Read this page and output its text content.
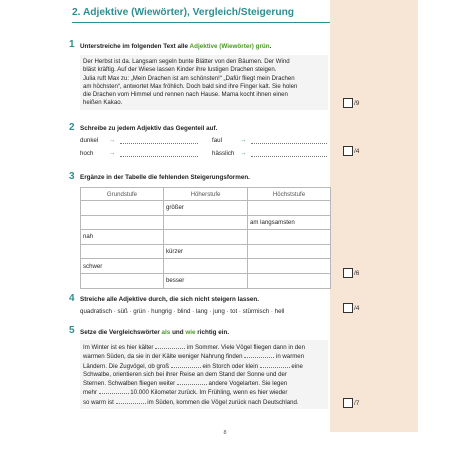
2. Adjektive (Wiewörter), Vergleich/Steigerung
1 Unterstreiche im folgenden Text alle Adjektive (Wiewörter) grün.
Der Herbst ist da. Langsam segeln bunte Blätter von den Bäumen. Der Wind
bläst kräftig. Auf der Wiese lassen Kinder ihre lustigen Drachen steigen.
Julia ruft Max zu: „Mein Drachen ist am schönsten!“ „Dafür fliegt mein Drachen
am höchsten“, antwortet Max fröhlich. Doch bald sind ihre Finger kalt. Sie holen
die Drachen vom Himmel und rennen nach Hause. Mama kocht ihnen einen
heißen Kakao.	/9
2 Schreibe zu jedem Adjektiv das Gegenteil auf.
dunkel →	faul	→
hoch	→	hässlich →	/4
3 Ergänze in der Tabelle die fehlenden Steigerungsformen.
Grundstufe	Höherstufe	Höchststufe
	größer	
		am langsamsten
nah		
	kürzer	
schwer		
	besser	
/6
4 Streiche alle Adjektive durch, die sich nicht steigern lassen.
quadratisch · süß · grün · hungrig · blind · lang · jung · tot · stürmisch · hell	/4
5 Setze die Vergleichswörter als und wie richtig ein.
Im Winter ist es hier kälter	im Sommer. Viele Vögel fliegen dann in den
warmen Süden, da sie in der Kälte weniger Nahrung finden	in warmen
Ländern. Die Zugvögel, ob groß	ein Storch oder klein	eine
Schwalbe, orientieren sich bei ihrer Reise an dem Stand der Sonne und der
Sternen. Schwalben fliegen weiter	andere Vogelarten. Sie legen
mehr	10.000 Kilometer zurück. Im Frühling, wenn es hier wieder
so warm ist	im Süden, kommen die Vögel zurück nach Deutschland.	/7
8
